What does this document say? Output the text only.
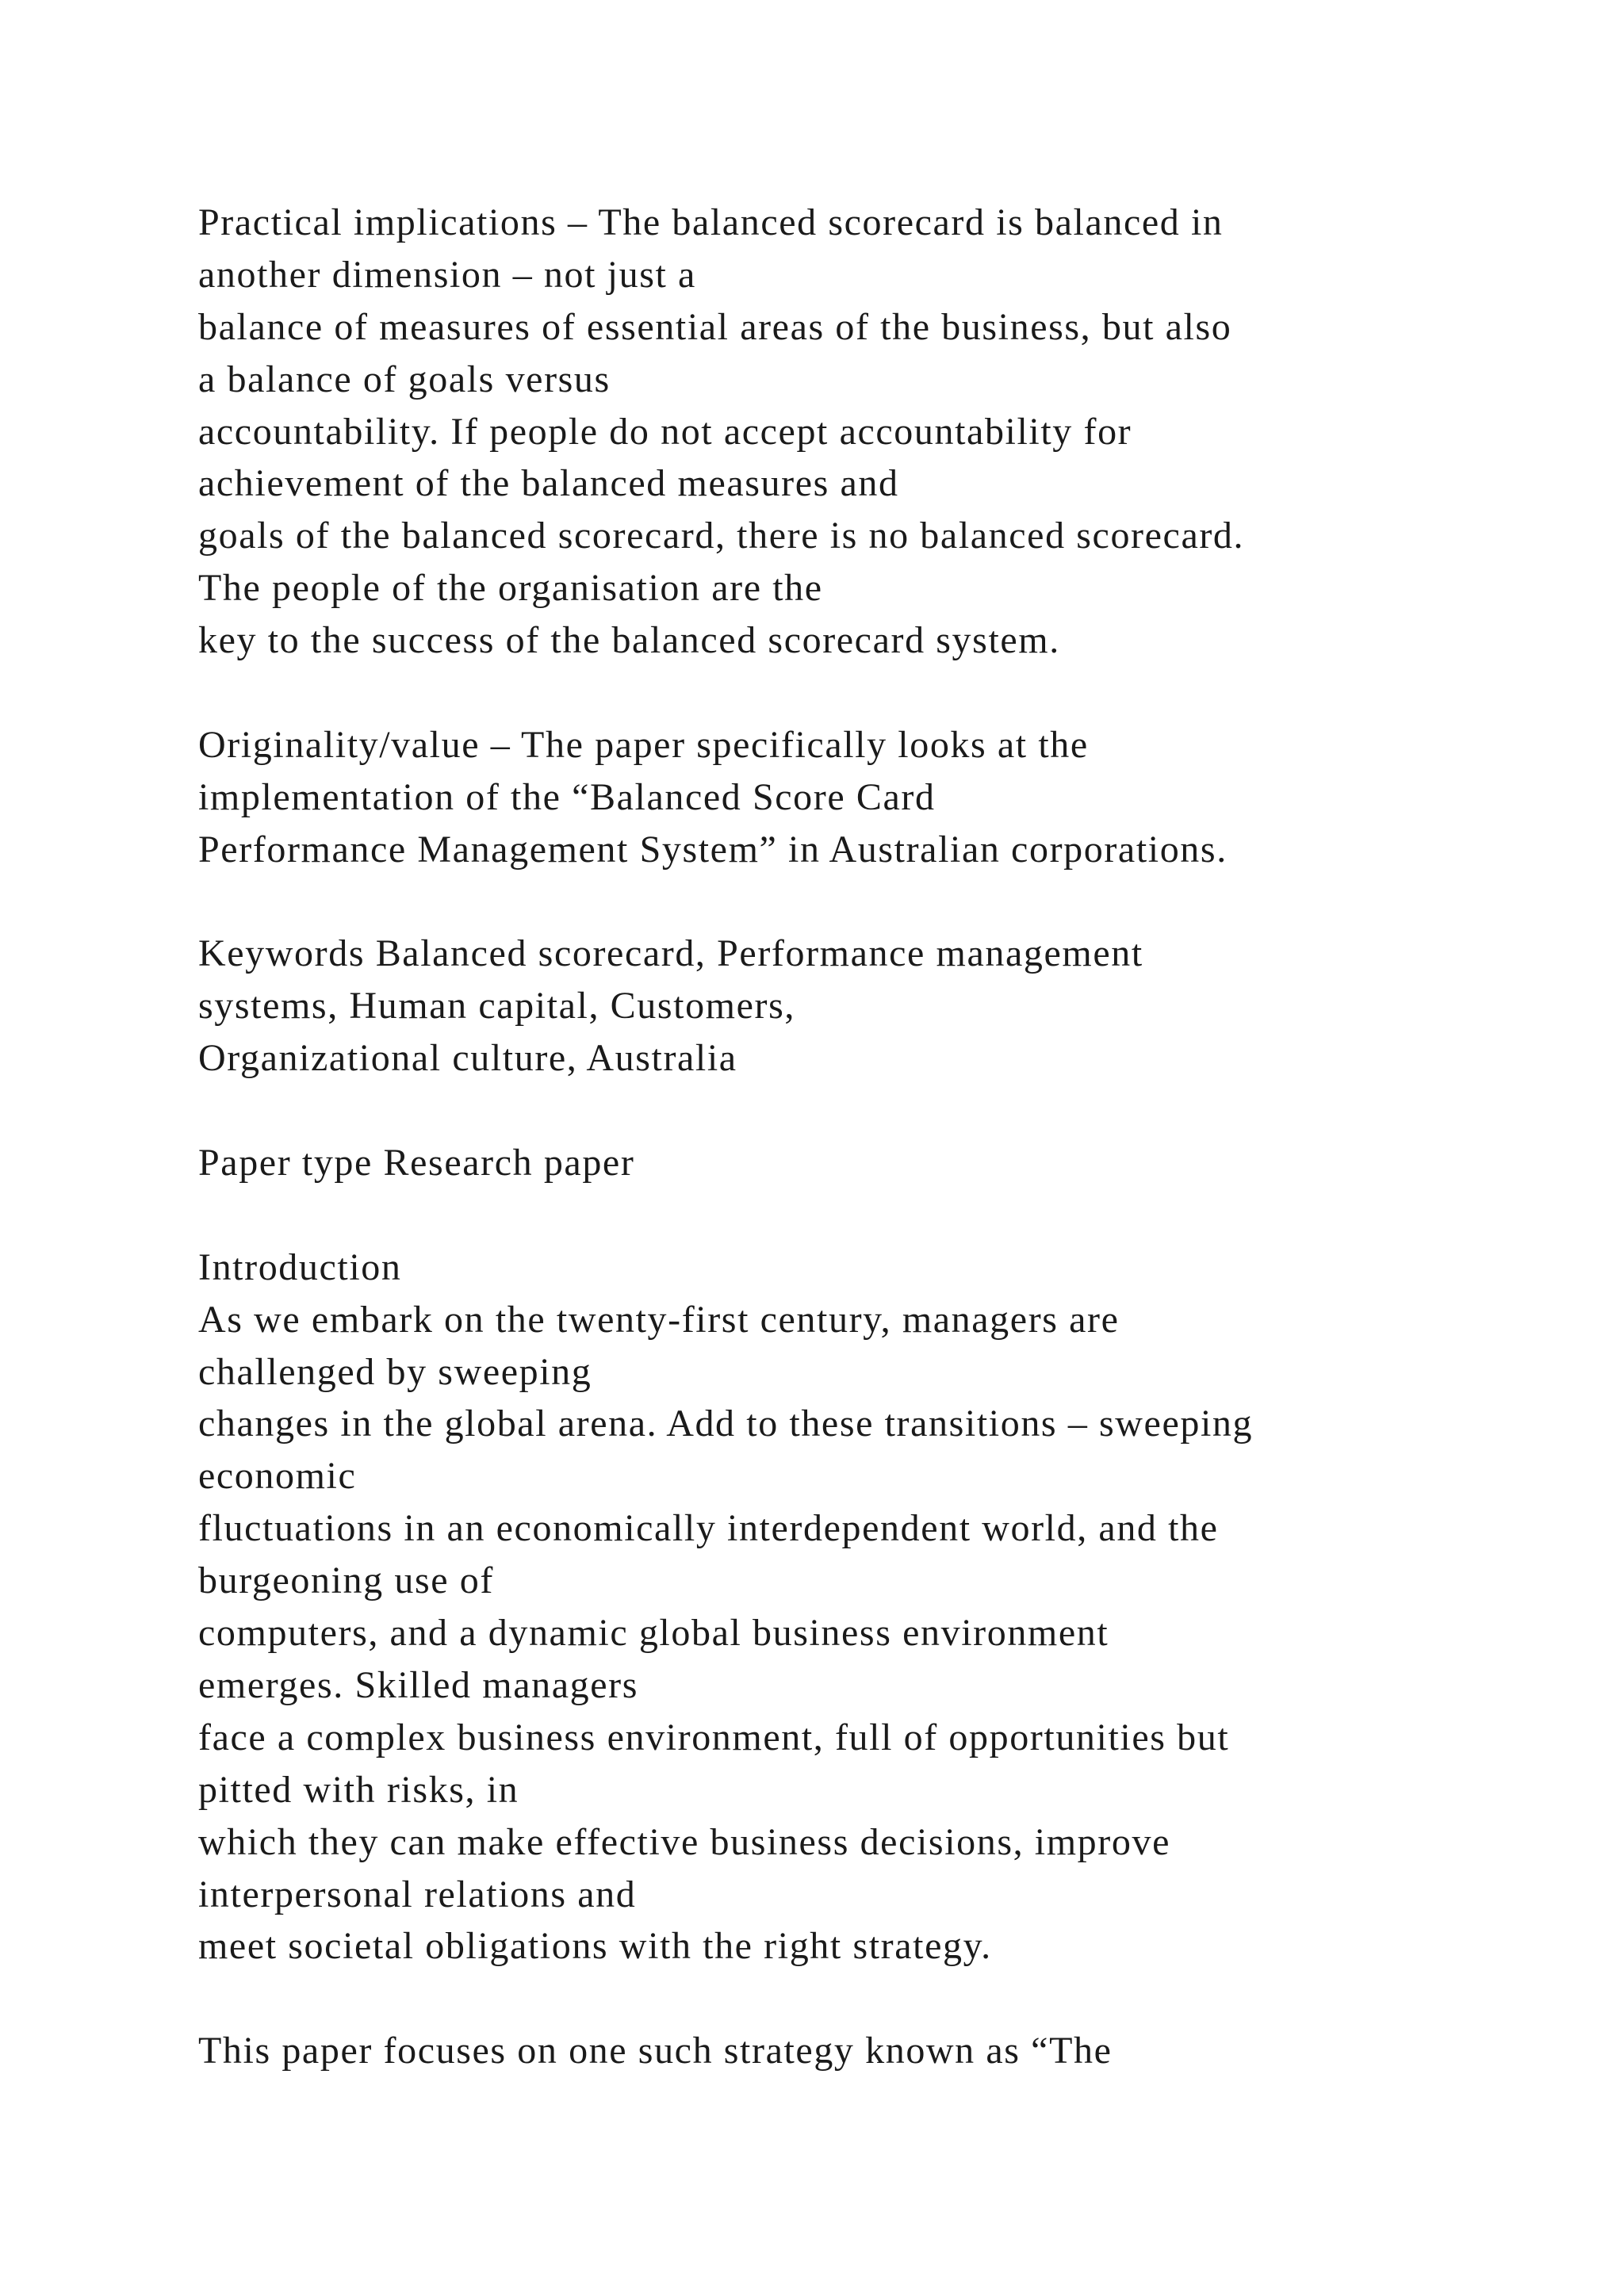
Practical implications – The balanced scorecard is balanced in
another dimension – not just a
balance of measures of essential areas of the business, but also
a balance of goals versus
accountability. If people do not accept accountability for
achievement of the balanced measures and
goals of the balanced scorecard, there is no balanced scorecard.
The people of the organisation are the
key to the success of the balanced scorecard system.
Originality/value – The paper specifically looks at the
implementation of the “Balanced Score Card
Performance Management System” in Australian corporations.
Keywords Balanced scorecard, Performance management
systems, Human capital, Customers,
Organizational culture, Australia
Paper type Research paper
Introduction
As we embark on the twenty-first century, managers are
challenged by sweeping
changes in the global arena. Add to these transitions – sweeping
economic
fluctuations in an economically interdependent world, and the
burgeoning use of
computers, and a dynamic global business environment
emerges. Skilled managers
face a complex business environment, full of opportunities but
pitted with risks, in
which they can make effective business decisions, improve
interpersonal relations and
meet societal obligations with the right strategy.
This paper focuses on one such strategy known as “The
